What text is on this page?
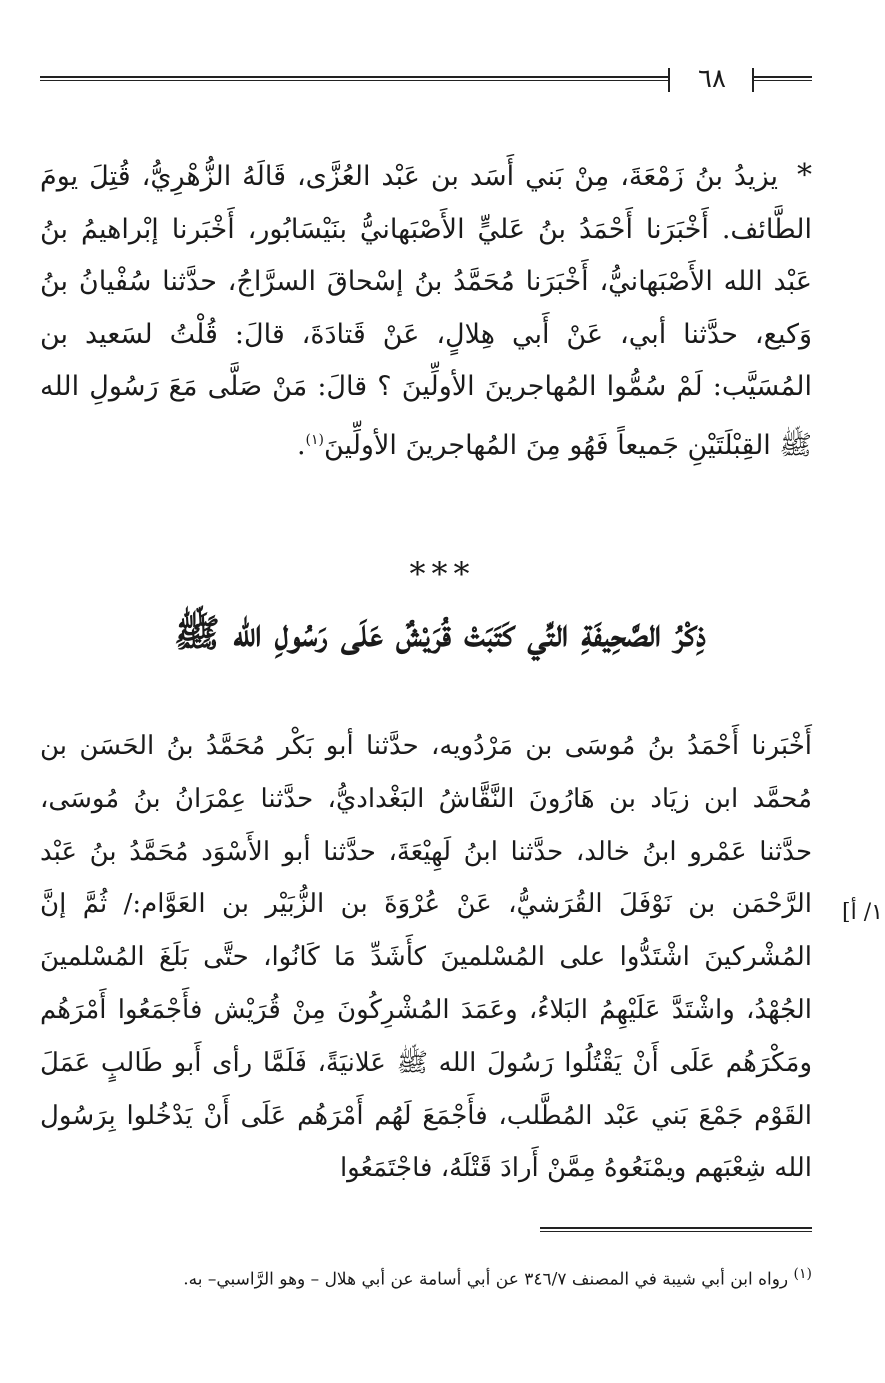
٦٨
* يزيدُ بنُ زَمْعَةَ، مِنْ بَني أَسَد بن عَبْد العُزَّى، قَالَهُ الزُّهْرِيُّ، قُتِلَ يومَ الطَّائف. أَخْبَرَنا أَحْمَدُ بنُ عَليٍّ الأَصْبَهانيُّ بنَيْسَابُور، أَخْبَرنا إبْراهيمُ بنُ عَبْد الله الأَصْبَهانيُّ، أَخْبَرَنا مُحَمَّدُ بنُ إسْحاقَ السرَّاجُ، حدَّثنا سُفْيانُ بنُ وَكيع، حدَّثنا أبي، عَنْ أَبي هِلالٍ، عَنْ قَتادَةَ، قالَ: قُلْتُ لسَعيد بن المُسَيَّب: لَمْ سُمُّوا المُهاجرينَ الأولِّينَ ؟ قالَ: مَنْ صَلَّى مَعَ رَسُولِ الله ﷺ القِبْلَتَيْنِ جَميعاً فَهُو مِنَ المُهاجرينَ الأولِّينَ$^{(١)}$.
***
ذِكْرُ الصَّحِيفَةِ التِّي كَتَبَتْ قُرَيْشٌ عَلَى رَسُولِ الله ﷺ
أَخْبَرنا أَحْمَدُ بنُ مُوسَى بن مَرْدُويه، حدَّثنا أبو بَكْر مُحَمَّدُ بنُ الحَسَن بن مُحمَّد ابن زيَاد بن هَارُونَ النَّقَّاشُ البَغْداديُّ، حدَّثنا عِمْرَانُ بنُ مُوسَى، حدَّثنا عَمْرو ابنُ خالد، حدَّثنا ابنُ لَهِيْعَةَ، حدَّثنا أبو الأَسْوَد مُحَمَّدُ بنُ عَبْد الرَّحْمَن بن نَوْفَلَ القُرَشيُّ، عَنْ عُرْوَةَ بن الزُّبَيْر بن العَوَّام:/ ثُمَّ إنَّ المُشْركينَ اشْتَدُّوا على المُسْلمينَ كأَشَدِّ مَا كَانُوا، حتَّى بَلَغَ المُسْلمينَ الجُهْدُ، واشْتَدَّ عَلَيْهِمُ البَلاءُ، وعَمَدَ المُشْرِكُونَ مِنْ قُرَيْش فأَجْمَعُوا أَمْرَهُم ومَكْرَهُم عَلَى أَنْ يَقْتُلُوا رَسُولَ الله ﷺ عَلانيَةً، فَلَمَّا رأى أَبو طَالبٍ عَمَلَ القَوْم جَمْعَ بَني عَبْد المُطَّلب، فأَجْمَعَ لَهُم أَمْرَهُم عَلَى أَنْ يَدْخُلوا بِرَسُول الله شِعْبَهم ويمْنَعُوهُ مِمَّنْ أَرادَ قَتْلَهُ، فاجْتَمَعُوا
١/ أ]
$^{(١)}$ رواه ابن أبي شيبة في المصنف ٣٤٦/٧ عن أبي أسامة عن أبي هلال – وهو الرَّاسبي– به.
